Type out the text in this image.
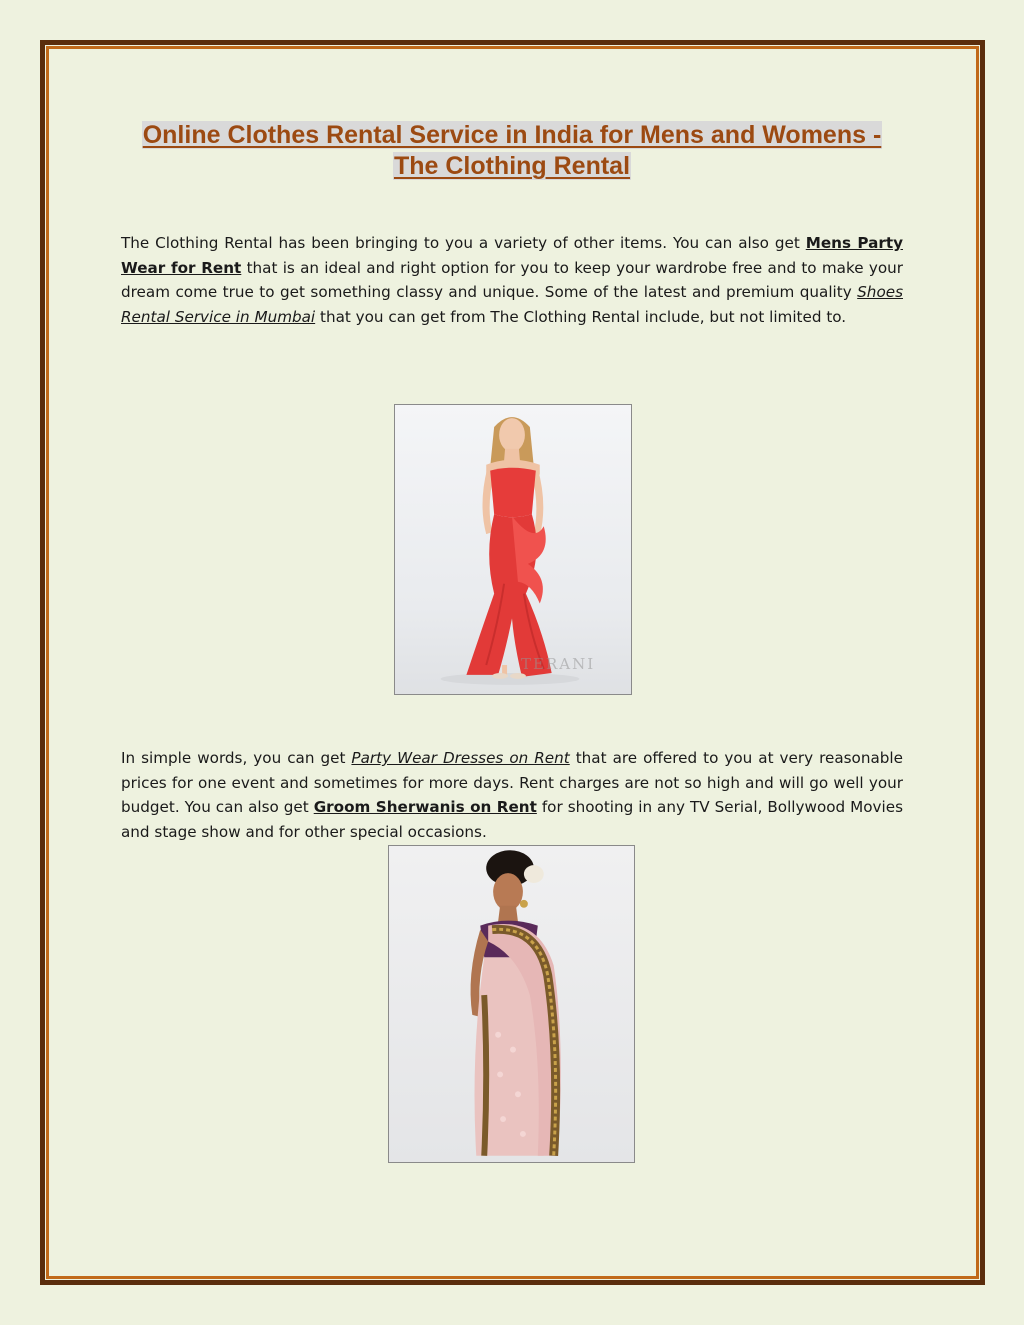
Online Clothes Rental Service in India for Mens and Womens - The Clothing Rental

The Clothing Rental has been bringing to you a variety of other items. You can also get Mens Party Wear for Rent that is an ideal and right option for you to keep your wardrobe free and to make your dream come true to get something classy and unique. Some of the latest and premium quality Shoes Rental Service in Mumbai that you can get from The Clothing Rental include, but not limited to.

TERANI

In simple words, you can get Party Wear Dresses on Rent that are offered to you at very reasonable prices for one event and sometimes for more days. Rent charges are not so high and will go well your budget. You can also get Groom Sherwanis on Rent for shooting in any TV Serial, Bollywood Movies and stage show and for other special occasions.
